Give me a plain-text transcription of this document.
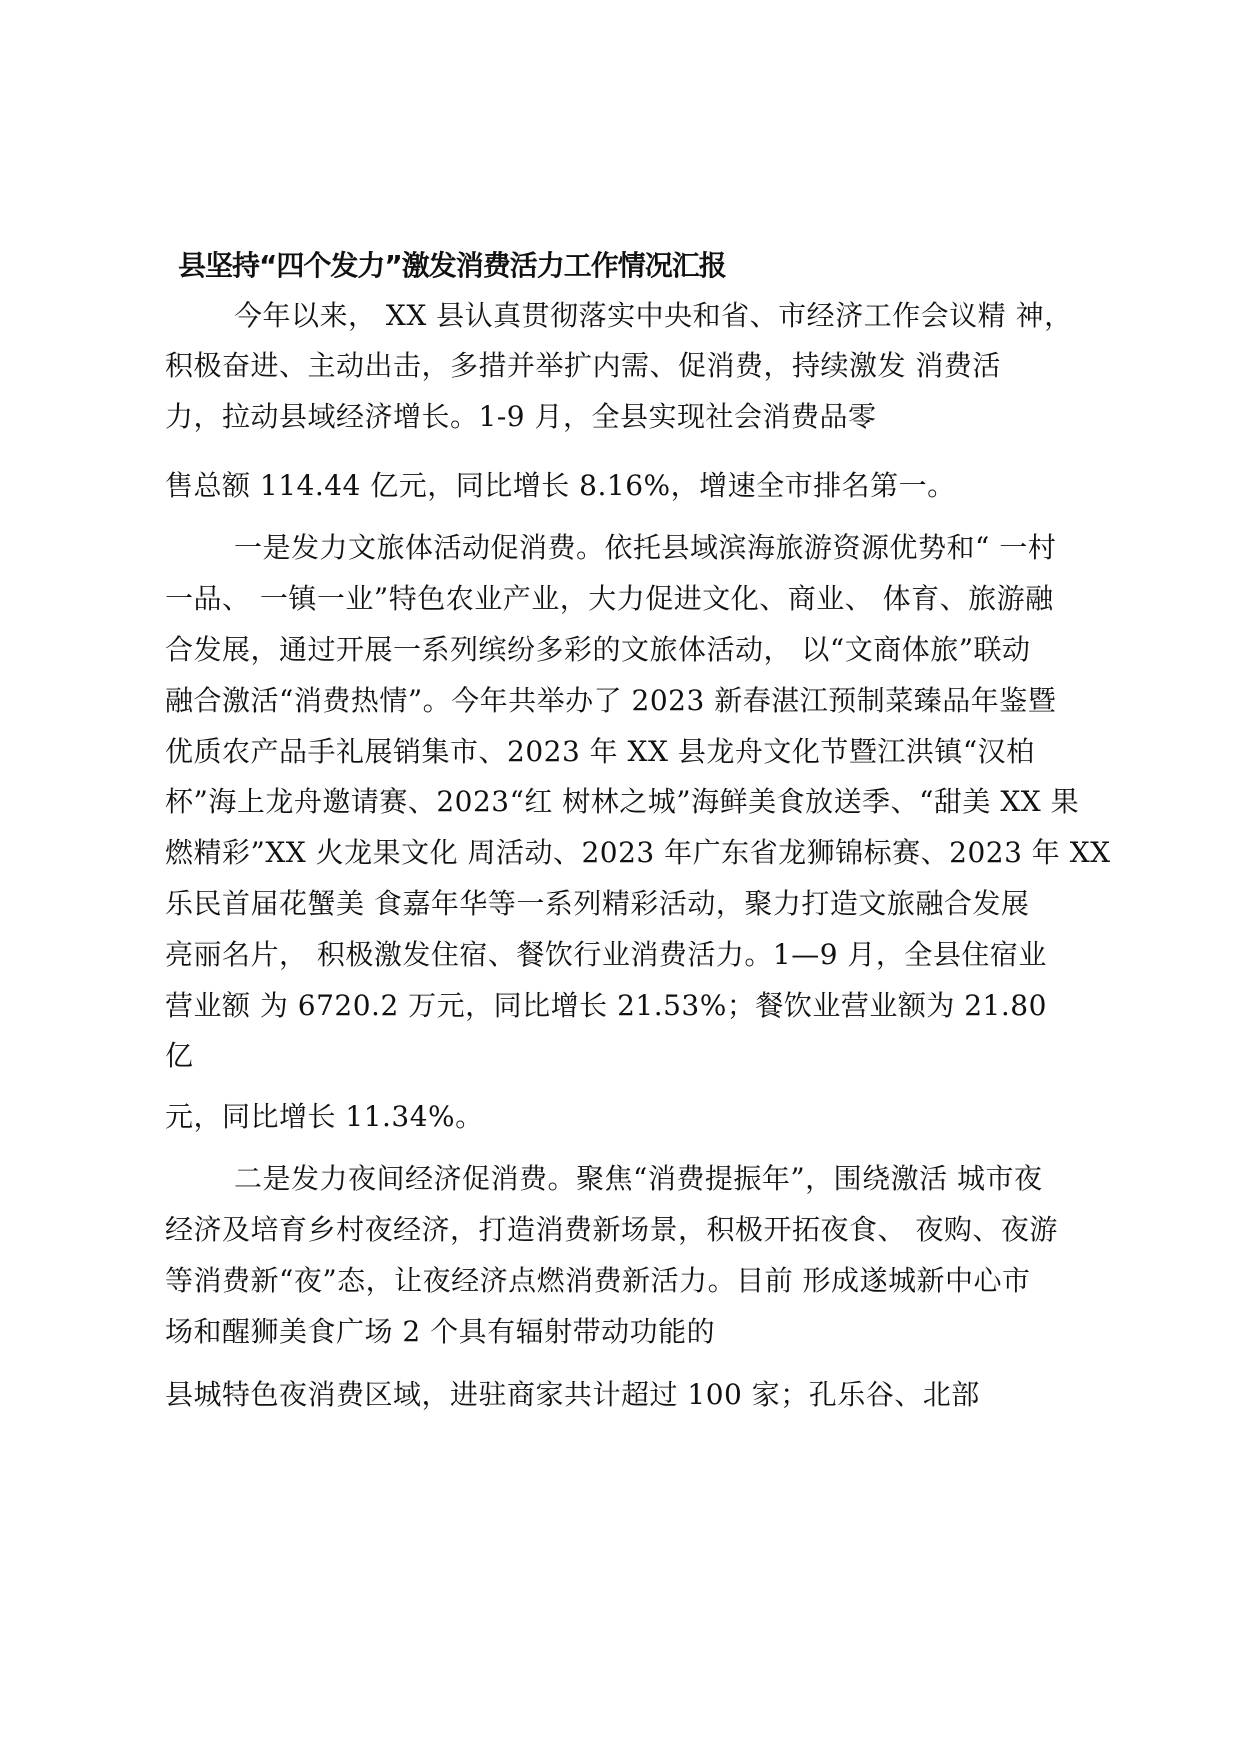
县坚持“四个发力”激发消费活力工作情况汇报

今年以来， XX 县认真贯彻落实中央和省、市经济工作会议精 神，

积极奋进、主动出击，多措并举扩内需、促消费，持续激发 消费活

力，拉动县域经济增长。1-9 月，全县实现社会消费品零

售总额 114.44 亿元，同比增长 8.16%，增速全市排名第一。

一是发力文旅体活动促消费。依托县域滨海旅游资源优势和“ 一村

一品、 一镇一业”特色农业产业，大力促进文化、商业、 体育、旅游融

合发展，通过开展一系列缤纷多彩的文旅体活动， 以“文商体旅”联动

融合激活“消费热情”。今年共举办了 2023 新春湛江预制菜臻品年鉴暨

优质农产品手礼展销集市、2023 年 XX 县龙舟文化节暨江洪镇“汉柏

杯”海上龙舟邀请赛、2023“红 树林之城”海鲜美食放送季、“甜美 XX 果

燃精彩”XX 火龙果文化 周活动、2023 年广东省龙狮锦标赛、2023 年 XX

乐民首届花蟹美 食嘉年华等一系列精彩活动，聚力打造文旅融合发展

亮丽名片， 积极激发住宿、餐饮行业消费活力。1—9 月，全县住宿业

营业额 为 6720.2 万元，同比增长 21.53%；餐饮业营业额为 21.80

亿

元，同比增长 11.34%。

二是发力夜间经济促消费。聚焦“消费提振年”，围绕激活 城市夜

经济及培育乡村夜经济，打造消费新场景，积极开拓夜食、 夜购、夜游

等消费新“夜”态，让夜经济点燃消费新活力。目前 形成遂城新中心市

场和醒狮美食广场 2 个具有辐射带动功能的

县城特色夜消费区域，进驻商家共计超过 100 家；孔乐谷、北部
